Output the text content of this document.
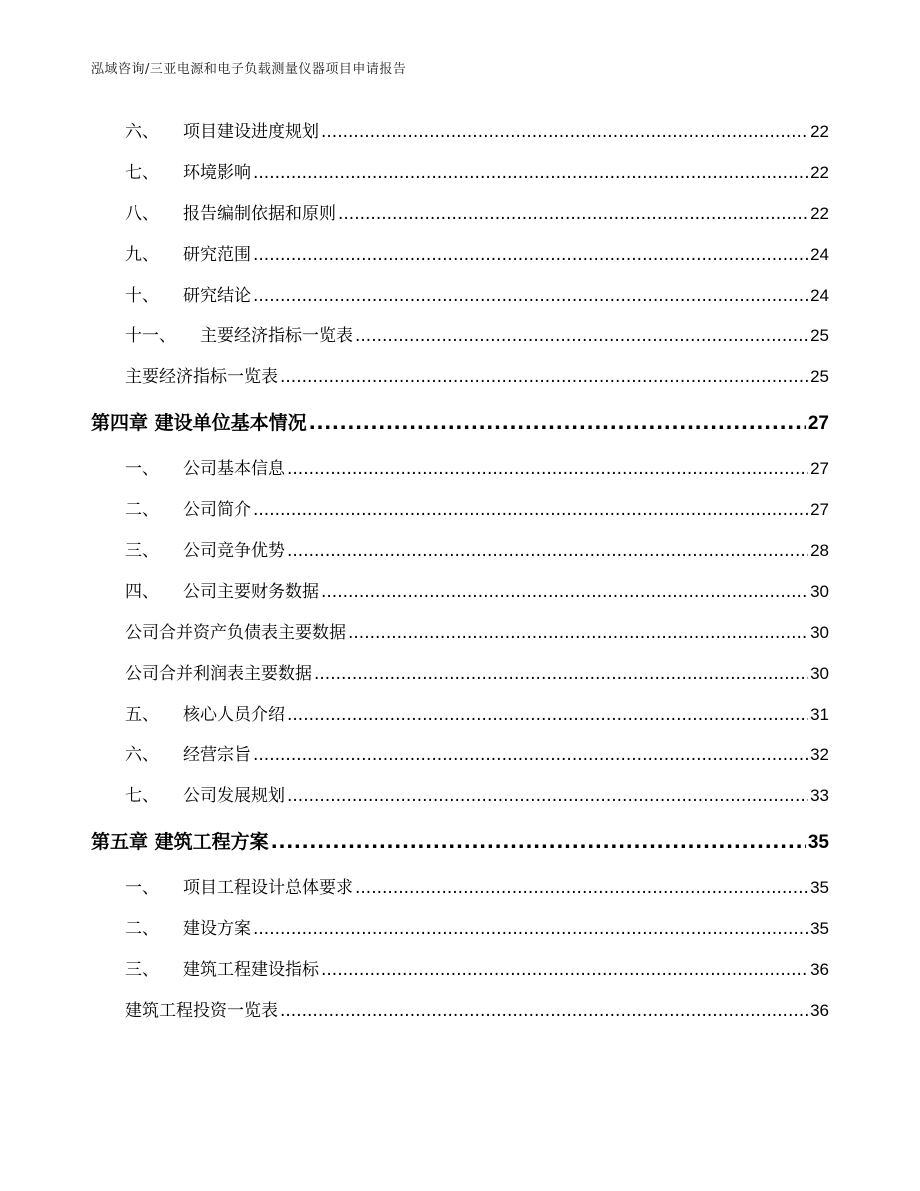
泓域咨询/三亚电源和电子负载测量仪器项目申请报告
六、 项目建设进度规划 .....	22
七、 环境影响 .....	22
八、 报告编制依据和原则 .....	22
九、 研究范围 .....	24
十、 研究结论 .....	24
十一、 主要经济指标一览表 .....	25
主要经济指标一览表 .....	25
第四章 建设单位基本情况 .....	27
一、 公司基本信息 .....	27
二、 公司简介 .....	27
三、 公司竞争优势 .....	28
四、 公司主要财务数据 .....	30
公司合并资产负债表主要数据 .....	30
公司合并利润表主要数据 .....	30
五、 核心人员介绍 .....	31
六、 经营宗旨 .....	32
七、 公司发展规划 .....	33
第五章 建筑工程方案 .....	35
一、 项目工程设计总体要求 .....	35
二、 建设方案 .....	35
三、 建筑工程建设指标 .....	36
建筑工程投资一览表 .....	36
